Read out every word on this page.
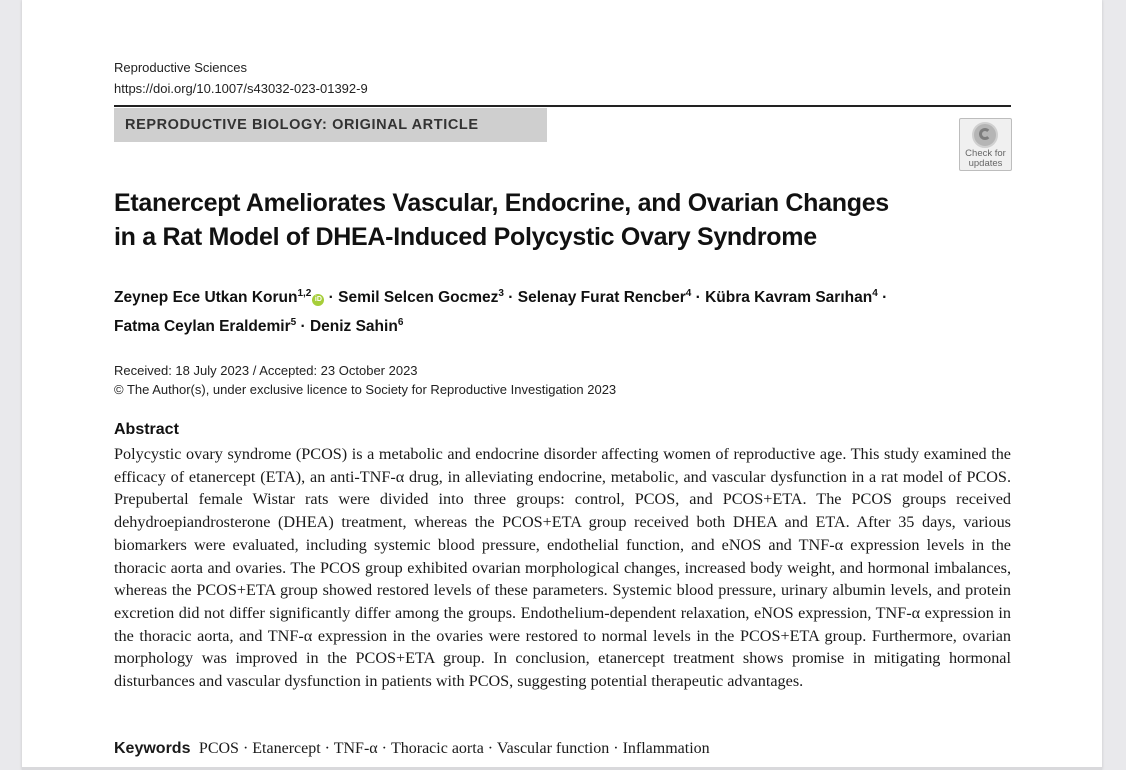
Reproductive Sciences
https://doi.org/10.1007/s43032-023-01392-9
REPRODUCTIVE BIOLOGY: ORIGINAL ARTICLE
Check for
updates
Etanercept Ameliorates Vascular, Endocrine, and Ovarian Changes
in a Rat Model of DHEA-Induced Polycystic Ovary Syndrome
Zeynep Ece Utkan Korun$^{1,2}$iD · Semil Selcen Gocmez$^3$ · Selenay Furat Rencber$^4$ · Kübra Kavram Sarıhan$^4$ ·
Fatma Ceylan Eraldemir$^5$ · Deniz Sahin$^6$
Received: 18 July 2023 / Accepted: 23 October 2023
© The Author(s), under exclusive licence to Society for Reproductive Investigation 2023
Abstract
Polycystic ovary syndrome (PCOS) is a metabolic and endocrine disorder affecting women of reproductive age. This study examined the efficacy of etanercept (ETA), an anti-TNF-α drug, in alleviating endocrine, metabolic, and vascular dysfunction in a rat model of PCOS. Prepubertal female Wistar rats were divided into three groups: control, PCOS, and PCOS+ETA. The PCOS groups received dehydroepiandrosterone (DHEA) treatment, whereas the PCOS+ETA group received both DHEA and ETA. After 35 days, various biomarkers were evaluated, including systemic blood pressure, endothelial function, and eNOS and TNF-α expression levels in the thoracic aorta and ovaries. The PCOS group exhibited ovarian morphological changes, increased body weight, and hormonal imbalances, whereas the PCOS+ETA group showed restored levels of these parameters. Systemic blood pressure, urinary albumin levels, and protein excretion did not differ significantly differ among the groups. Endothelium-dependent relaxation, eNOS expression, TNF-α expression in the thoracic aorta, and TNF-α expression in the ovaries were restored to normal levels in the PCOS+ETA group. Furthermore, ovarian morphology was improved in the PCOS+ETA group. In conclusion, etanercept treatment shows promise in mitigating hormonal disturbances and vascular dysfunction in patients with PCOS, suggesting potential therapeutic advantages.
Keywords PCOS · Etanercept · TNF-α · Thoracic aorta · Vascular function · Inflammation
